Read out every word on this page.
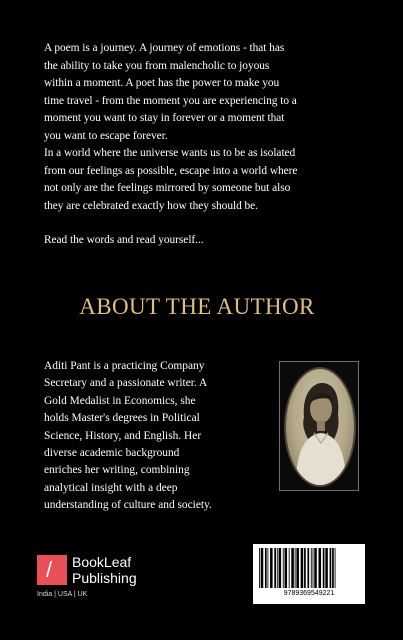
A poem is a journey. A journey of emotions - that has
the ability to take you from malencholic to joyous
within a moment. A poet has the power to make you
time travel - from the moment you are experiencing to a
moment you want to stay in forever or a moment that
you want to escape forever.
In a world where the universe wants us to be as isolated
from our feelings as possible, escape into a world where
not only are the feelings mirrored by someone but also
they are celebrated exactly how they should be.

Read the words and read yourself...

ABOUT THE AUTHOR
Aditi Pant is a practicing Company
Secretary and a passionate writer. A
Gold Medalist in Economics, she
holds Master's degrees in Political
Science, History, and English. Her
diverse academic background
enriches her writing, combining
analytical insight with a deep
understanding of culture and society.
/	BookLeaf
Publishing
India | USA | UK	9789369549221
